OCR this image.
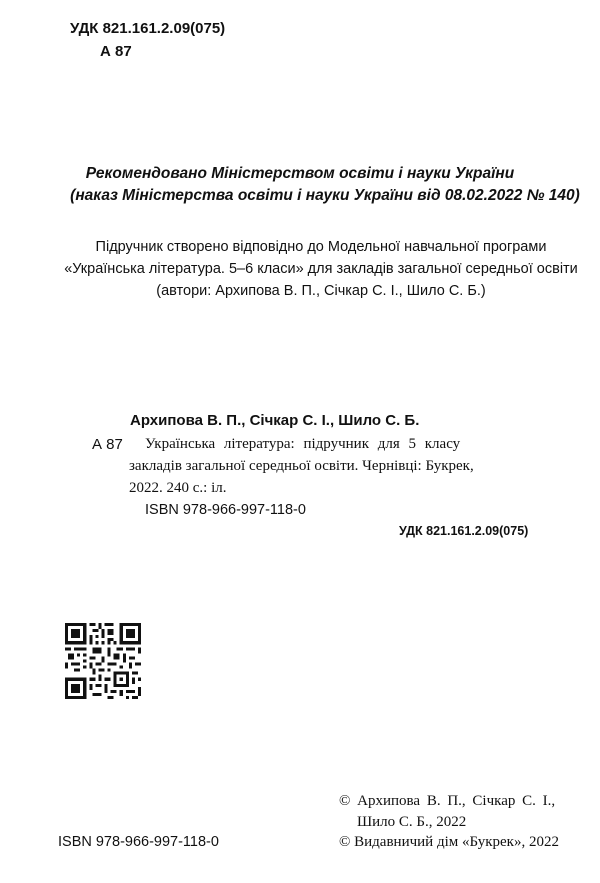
УДК 821.161.2.09(075)

А 87

Рекомендовано Міністерством освіти і науки України

(наказ Міністерства освіти і науки України від 08.02.2022 № 140)

Підручник створено відповідно до Модельної навчальної програми

«Українська література. 5–6 класи» для закладів загальної середньої освіти

(автори: Архипова В. П., Січкар С. І., Шило С. Б.)

Архипова В. П., Січкар С. І., Шило С. Б.

А 87 Українська література: підручник для 5 класу

закладів загальної середньої освіти. Чернівці: Букрек,

2022. 240 с.: іл.

ISBN 978-966-997-118-0

УДК 821.161.2.09(075)

© Архипова В. П., Січкар С. І.,

Шило С. Б., 2022

© Видавничий дім «Букрек», 2022

ISBN 978-966-997-118-0
